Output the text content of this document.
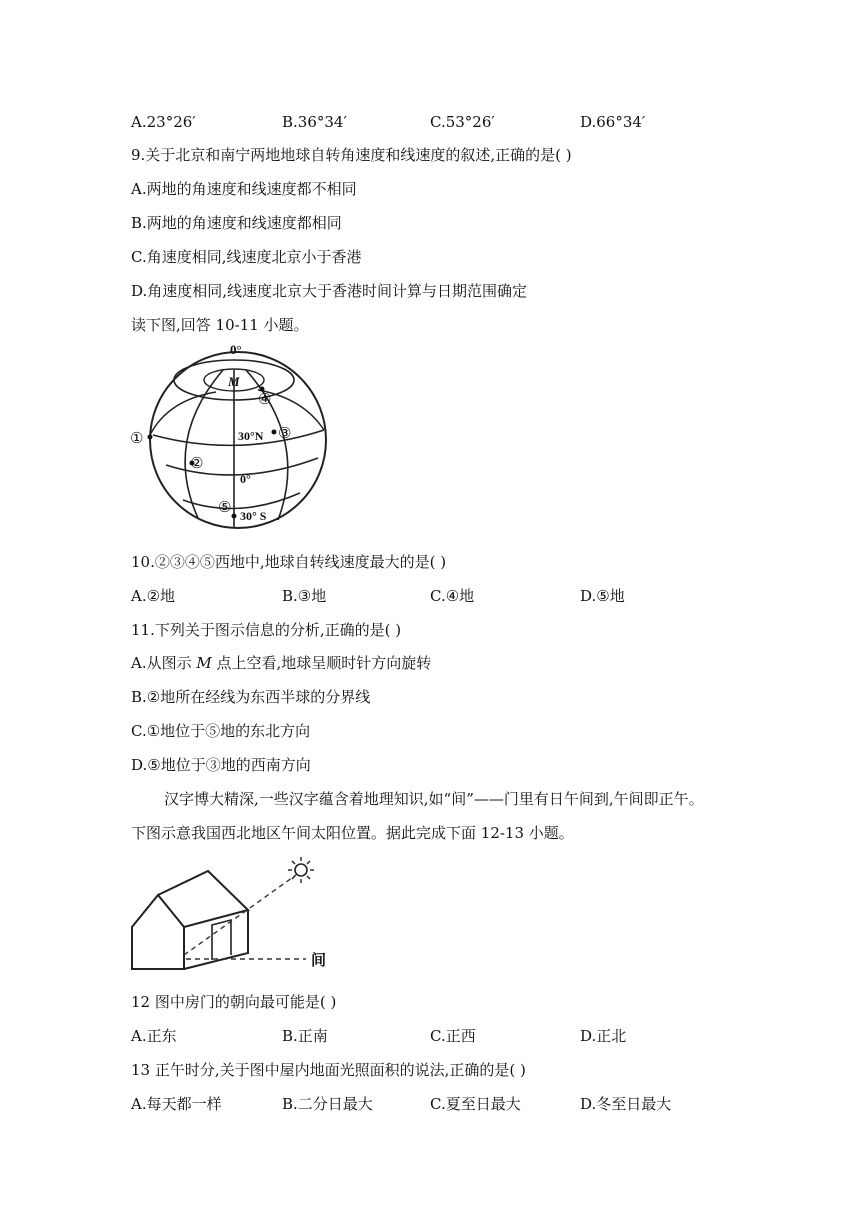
A.23°26′	B.36°34′	C.53°26′	D.66°34′
9.关于北京和南宁两地地球自转角速度和线速度的叙述,正确的是( )
A.两地的角速度和线速度都不相同
B.两地的角速度和线速度都相同
C.角速度相同,线速度北京小于香港
D.角速度相同,线速度北京大于香港时间计算与日期范围确定
读下图,回答 10-11 小题。
0°
M
30°N
0°
30° S
①
②
③
④
⑤
10.②③④⑤西地中,地球自转线速度最大的是( )
A.②地	B.③地	C.④地	D.⑤地
11.下列关于图示信息的分析,正确的是( )
A.从图示 M 点上空看,地球呈顺时针方向旋转
B.②地所在经线为东西半球的分界线
C.①地位于⑤地的东北方向
D.⑤地位于③地的西南方向
汉字博大精深,一些汉字蕴含着地理知识,如“间”——门里有日午间到,午间即正午。
下图示意我国西北地区午间太阳位置。据此完成下面 12-13 小题。
间
12 图中房门的朝向最可能是( )
A.正东	B.正南	C.正西	D.正北
13 正午时分,关于图中屋内地面光照面积的说法,正确的是( )
A.每天都一样	B.二分日最大	C.夏至日最大	D.冬至日最大
